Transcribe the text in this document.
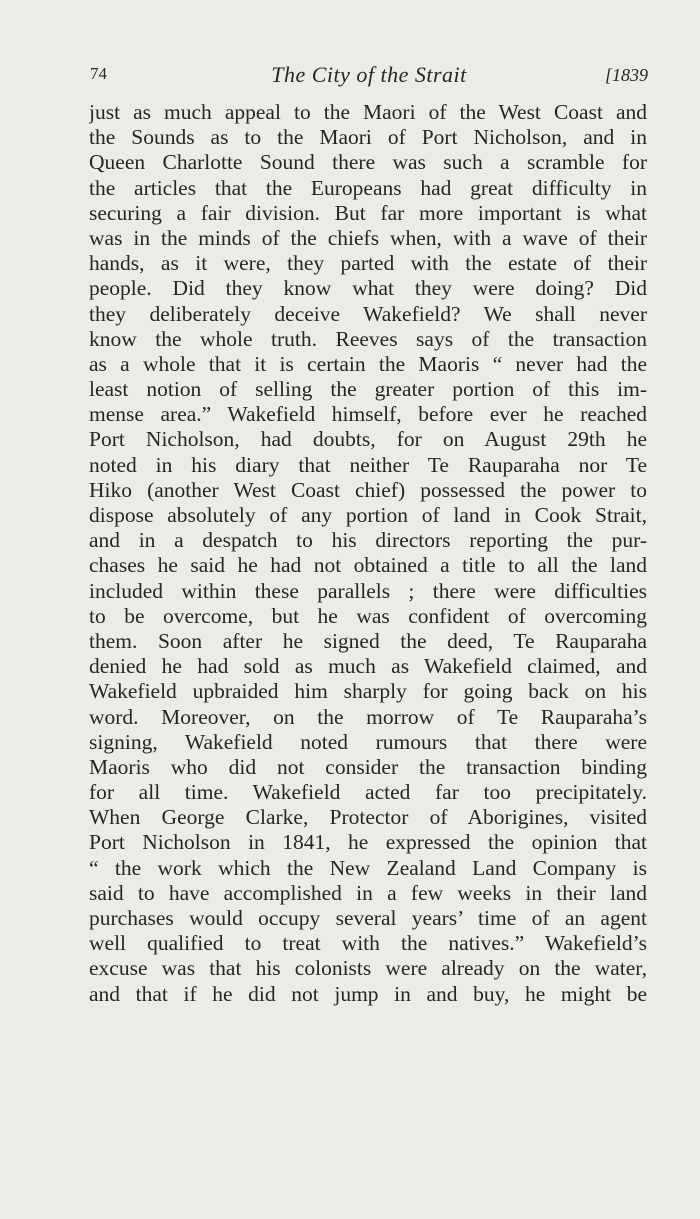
74	The City of the Strait	[1839
just as much appeal to the Maori of the West Coast and
the Sounds as to the Maori of Port Nicholson, and in
Queen Charlotte Sound there was such a scramble for
the articles that the Europeans had great difficulty in
securing a fair division. But far more important is what
was in the minds of the chiefs when, with a wave of their
hands, as it were, they parted with the estate of their
people. Did they know what they were doing? Did
they deliberately deceive Wakefield? We shall never
know the whole truth. Reeves says of the transaction
as a whole that it is certain the Maoris “ never had the
least notion of selling the greater portion of this im-
mense area.” Wakefield himself, before ever he reached
Port Nicholson, had doubts, for on August 29th he
noted in his diary that neither Te Rauparaha nor Te
Hiko (another West Coast chief) possessed the power to
dispose absolutely of any portion of land in Cook Strait,
and in a despatch to his directors reporting the pur-
chases he said he had not obtained a title to all the land
included within these parallels ; there were difficulties
to be overcome, but he was confident of overcoming
them. Soon after he signed the deed, Te Rauparaha
denied he had sold as much as Wakefield claimed, and
Wakefield upbraided him sharply for going back on his
word. Moreover, on the morrow of Te Rauparaha’s
signing, Wakefield noted rumours that there were
Maoris who did not consider the transaction binding
for all time. Wakefield acted far too precipitately.
When George Clarke, Protector of Aborigines, visited
Port Nicholson in 1841, he expressed the opinion that
“ the work which the New Zealand Land Company is
said to have accomplished in a few weeks in their land
purchases would occupy several years’ time of an agent
well qualified to treat with the natives.” Wakefield’s
excuse was that his colonists were already on the water,
and that if he did not jump in and buy, he might be
